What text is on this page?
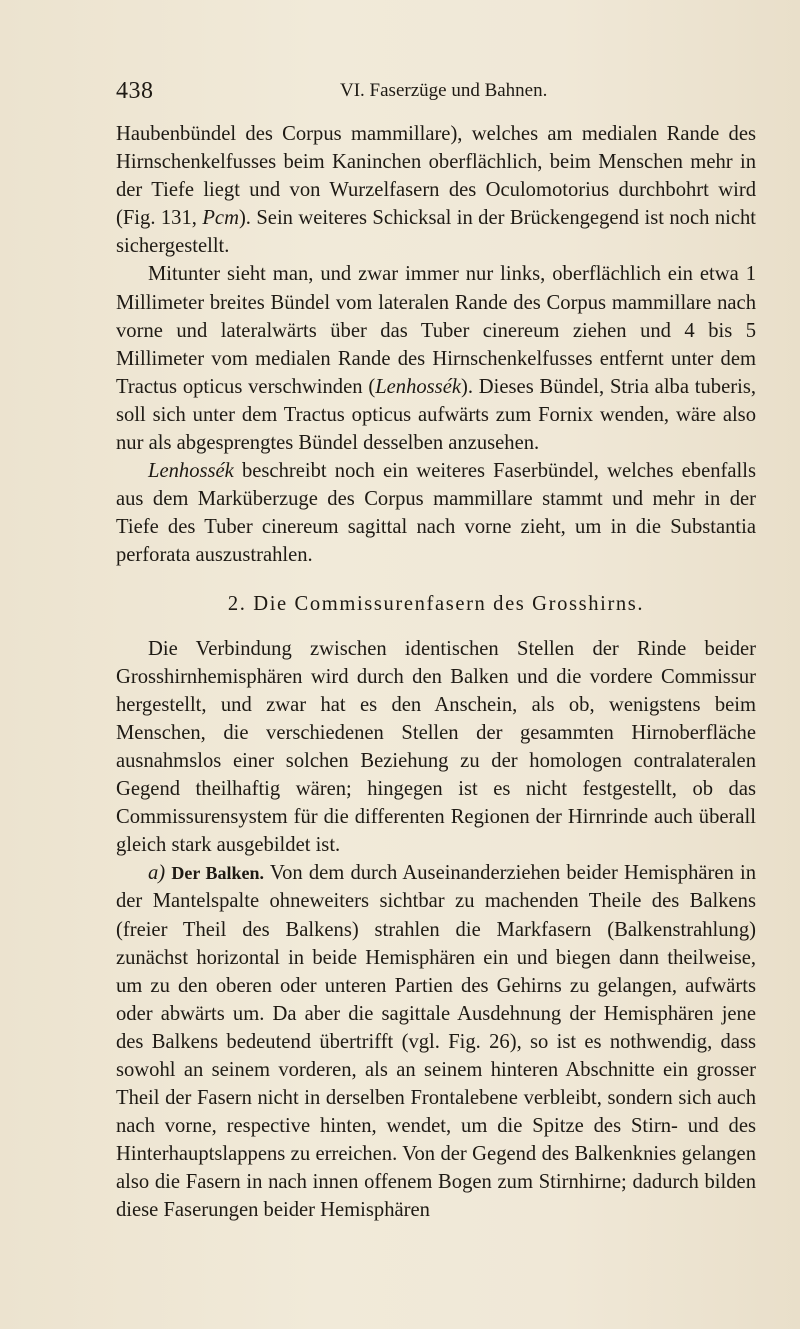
438	VI. Faserzüge und Bahnen.

Haubenbündel des Corpus mammillare), welches am medialen Rande des Hirnschenkelfusses beim Kaninchen oberflächlich, beim Menschen mehr in der Tiefe liegt und von Wurzelfasern des Oculomotorius durchbohrt wird (Fig. 131, Pcm). Sein weiteres Schicksal in der Brückengegend ist noch nicht sichergestellt.

Mitunter sieht man, und zwar immer nur links, oberflächlich ein etwa 1 Millimeter breites Bündel vom lateralen Rande des Corpus mammillare nach vorne und lateralwärts über das Tuber cinereum ziehen und 4 bis 5 Millimeter vom medialen Rande des Hirnschenkelfusses entfernt unter dem Tractus opticus verschwinden (Lenhossék). Dieses Bündel, Stria alba tuberis, soll sich unter dem Tractus opticus aufwärts zum Fornix wenden, wäre also nur als abgesprengtes Bündel desselben anzusehen.

Lenhossék beschreibt noch ein weiteres Faserbündel, welches ebenfalls aus dem Marküberzuge des Corpus mammillare stammt und mehr in der Tiefe des Tuber cinereum sagittal nach vorne zieht, um in die Substantia perforata auszustrahlen.

2. Die Commissurenfasern des Grosshirns.

Die Verbindung zwischen identischen Stellen der Rinde beider Grosshirnhemisphären wird durch den Balken und die vordere Commissur hergestellt, und zwar hat es den Anschein, als ob, wenigstens beim Menschen, die verschiedenen Stellen der gesammten Hirnoberfläche ausnahmslos einer solchen Beziehung zu der homologen contralateralen Gegend theilhaftig wären; hingegen ist es nicht festgestellt, ob das Commissurensystem für die differenten Regionen der Hirnrinde auch überall gleich stark ausgebildet ist.

a) Der Balken. Von dem durch Auseinanderziehen beider Hemisphären in der Mantelspalte ohneweiters sichtbar zu machenden Theile des Balkens (freier Theil des Balkens) strahlen die Markfasern (Balkenstrahlung) zunächst horizontal in beide Hemisphären ein und biegen dann theilweise, um zu den oberen oder unteren Partien des Gehirns zu gelangen, aufwärts oder abwärts um. Da aber die sagittale Ausdehnung der Hemisphären jene des Balkens bedeutend übertrifft (vgl. Fig. 26), so ist es nothwendig, dass sowohl an seinem vorderen, als an seinem hinteren Abschnitte ein grosser Theil der Fasern nicht in derselben Frontalebene verbleibt, sondern sich auch nach vorne, respective hinten, wendet, um die Spitze des Stirn- und des Hinterhauptslappens zu erreichen. Von der Gegend des Balkenknies gelangen also die Fasern in nach innen offenem Bogen zum Stirnhirne; dadurch bilden diese Faserungen beider Hemisphären
